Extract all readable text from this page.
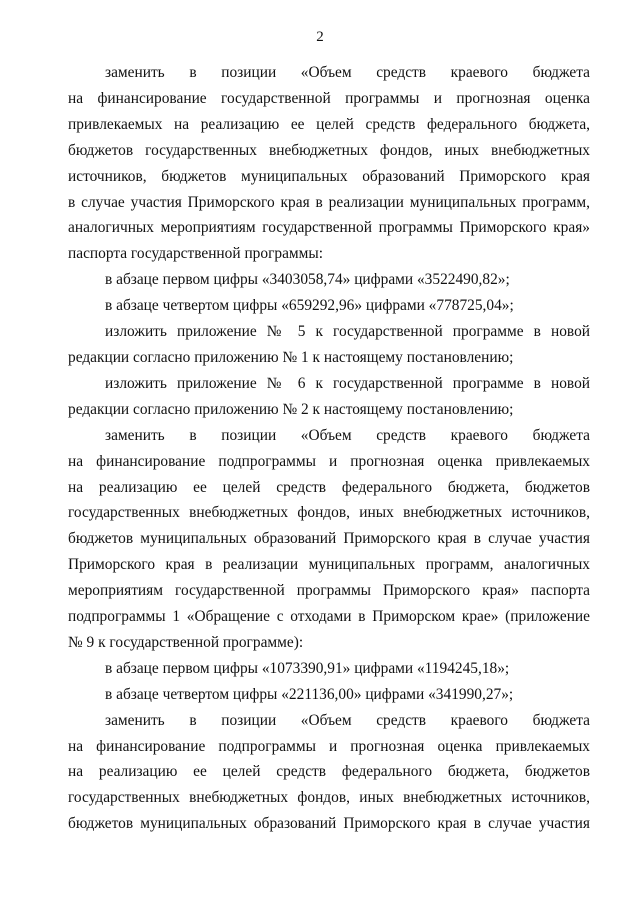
2

заменить в позиции «Объем средств краевого бюджета
на финансирование государственной программы и прогнозная оценка
привлекаемых на реализацию ее целей средств федерального бюджета,
бюджетов государственных внебюджетных фондов, иных внебюджетных
источников, бюджетов муниципальных образований Приморского края
в случае участия Приморского края в реализации муниципальных программ,
аналогичных мероприятиям государственной программы Приморского края»
паспорта государственной программы:

в абзаце первом цифры «3403058,74» цифрами «3522490,82»;

в абзаце четвертом цифры «659292,96» цифрами «778725,04»;

изложить приложение № 5 к государственной программе в новой
редакции согласно приложению № 1 к настоящему постановлению;

изложить приложение № 6 к государственной программе в новой
редакции согласно приложению № 2 к настоящему постановлению;

заменить в позиции «Объем средств краевого бюджета
на финансирование подпрограммы и прогнозная оценка привлекаемых
на реализацию ее целей средств федерального бюджета, бюджетов
государственных внебюджетных фондов, иных внебюджетных источников,
бюджетов муниципальных образований Приморского края в случае участия
Приморского края в реализации муниципальных программ, аналогичных
мероприятиям государственной программы Приморского края» паспорта
подпрограммы 1 «Обращение с отходами в Приморском крае» (приложение
№ 9 к государственной программе):

в абзаце первом цифры «1073390,91» цифрами «1194245,18»;

в абзаце четвертом цифры «221136,00» цифрами «341990,27»;

заменить в позиции «Объем средств краевого бюджета
на финансирование подпрограммы и прогнозная оценка привлекаемых
на реализацию ее целей средств федерального бюджета, бюджетов
государственных внебюджетных фондов, иных внебюджетных источников,
бюджетов муниципальных образований Приморского края в случае участия
